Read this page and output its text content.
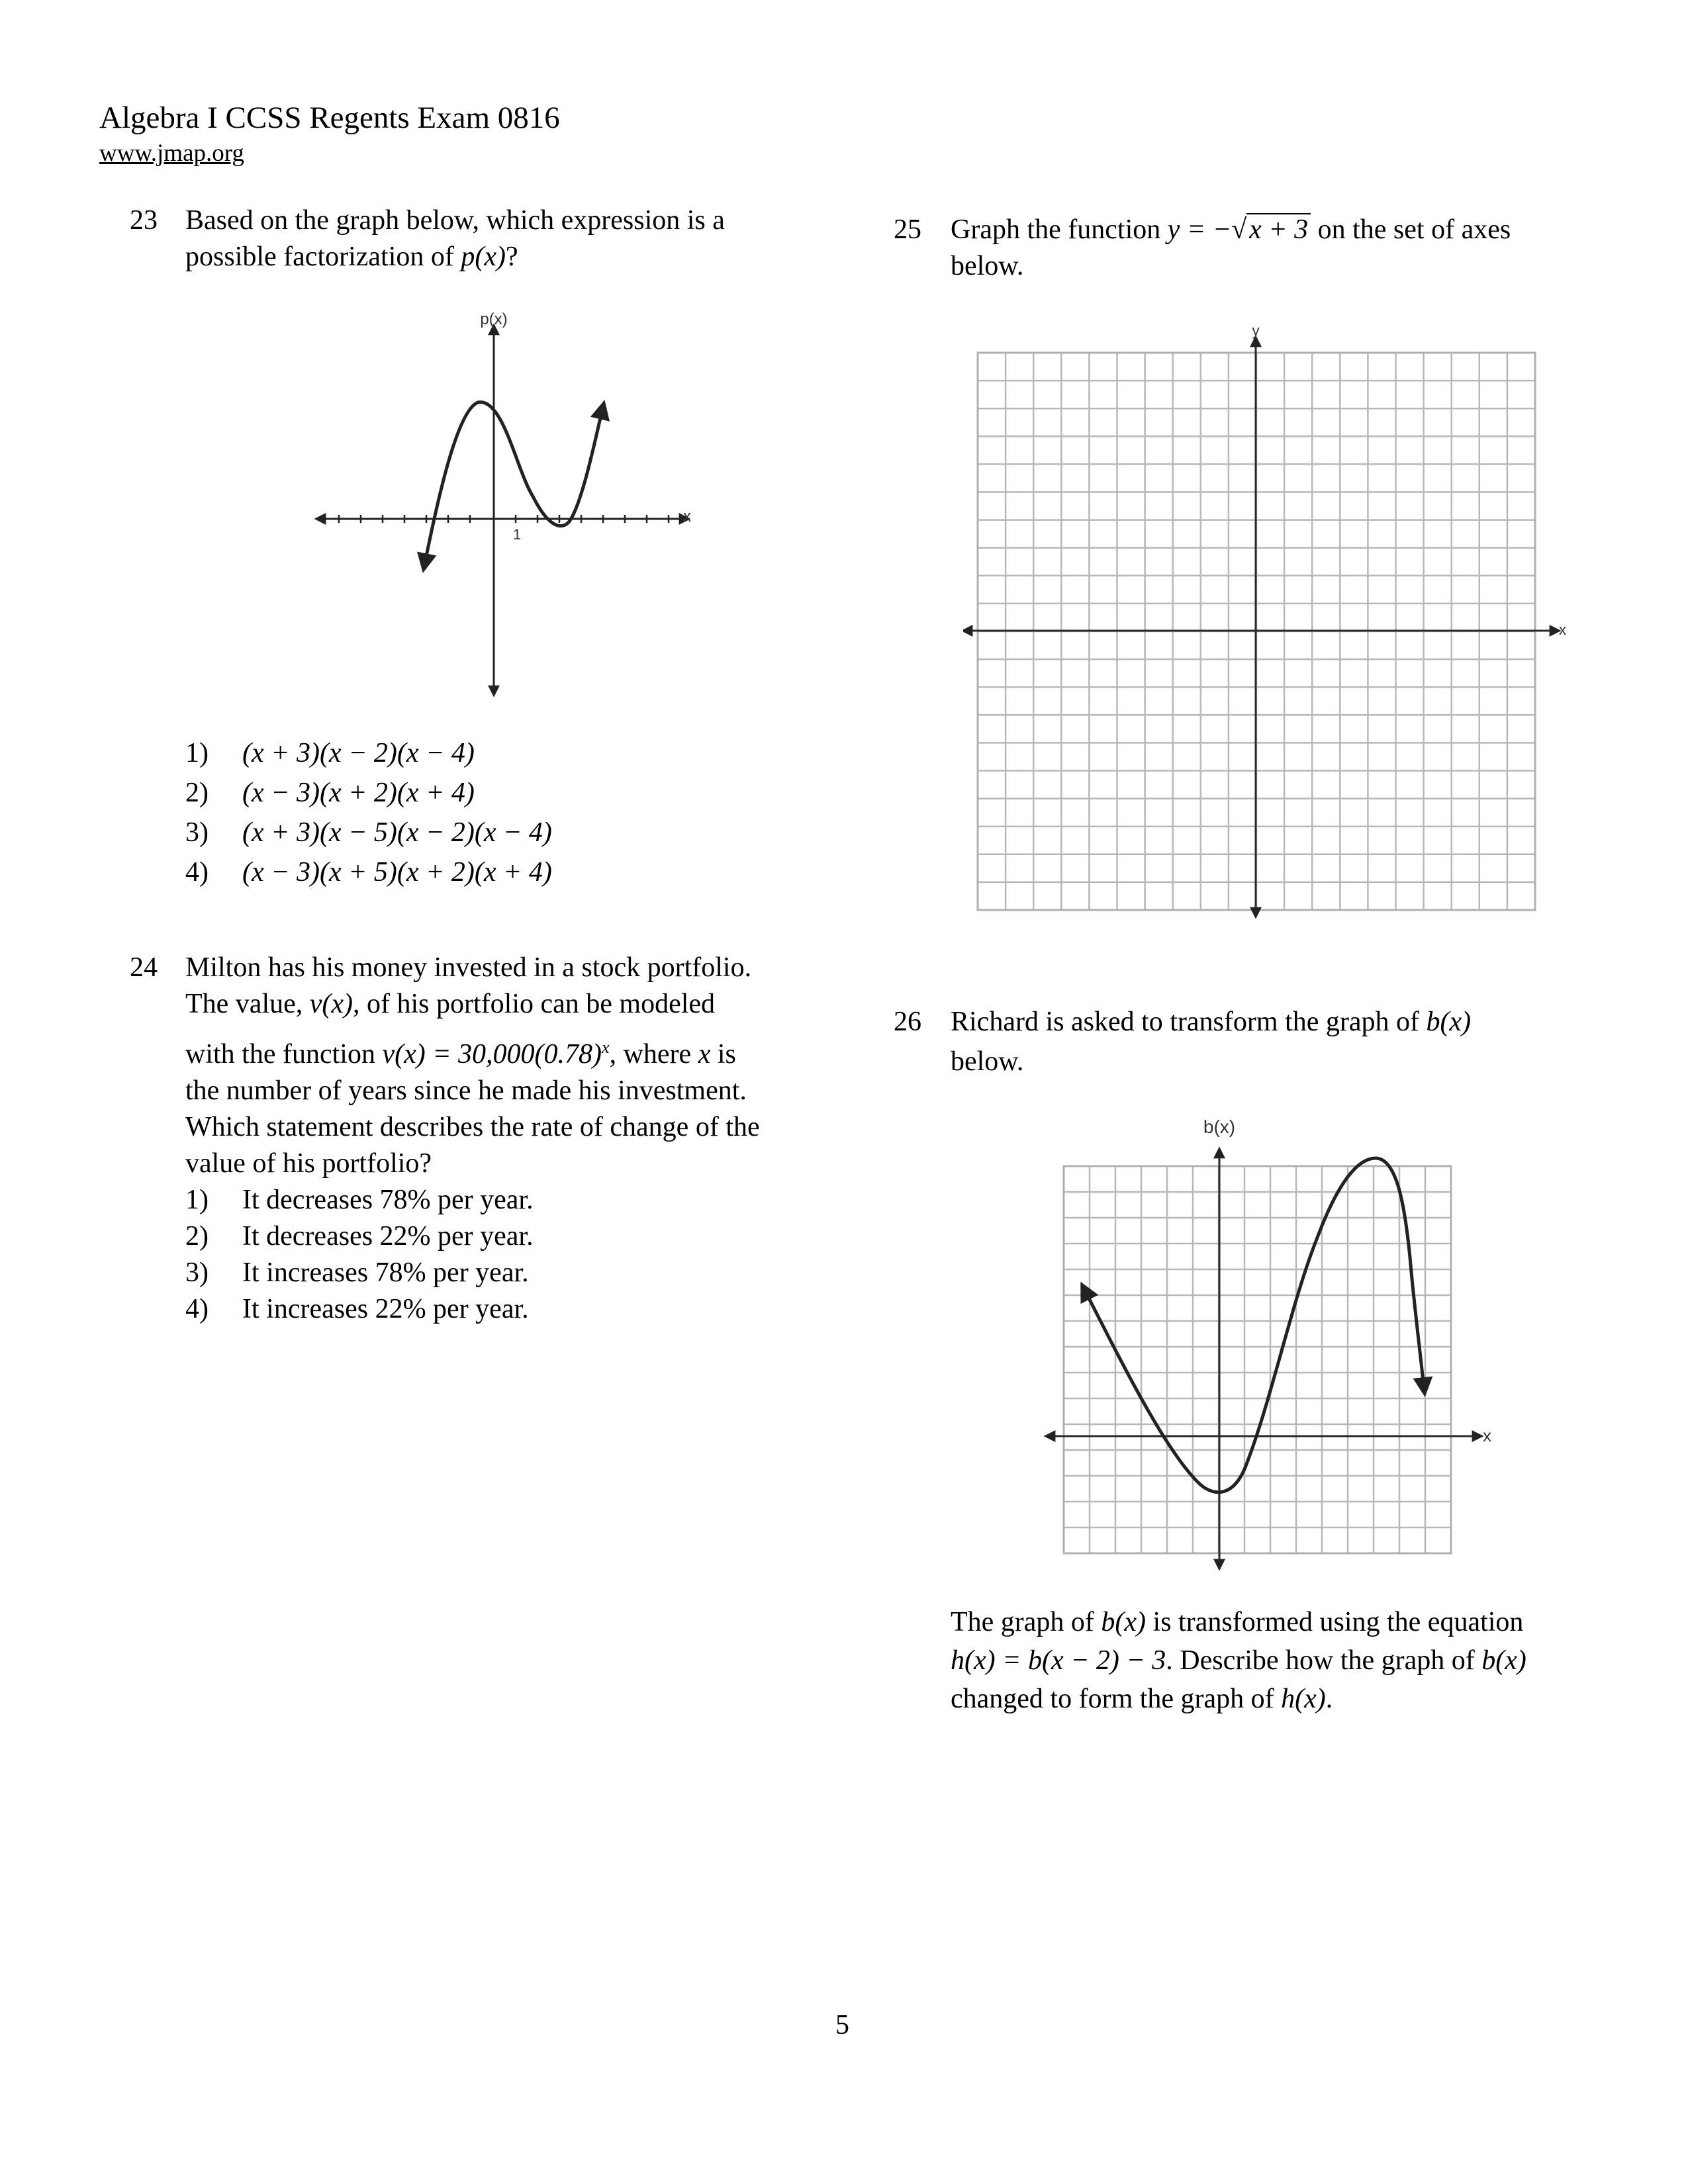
Algebra I CCSS Regents Exam 0816
www.jmap.org
23 Based on the graph below, which expression is a
possible factorization of p(x)?
p(x)
x
1
1)	(x + 3)(x − 2)(x − 4)
2)	(x − 3)(x + 2)(x + 4)
3)	(x + 3)(x − 5)(x − 2)(x − 4)
4)	(x − 3)(x + 5)(x + 2)(x + 4)
24 Milton has his money invested in a stock portfolio.
The value, v(x), of his portfolio can be modeled
with the function $v(x) = 30,000(0.78)^x$, where x is
the number of years since he made his investment.
Which statement describes the rate of change of the
value of his portfolio?
1)	It decreases 78% per year.
2)	It decreases 22% per year.
3)	It increases 78% per year.
4)	It increases 22% per year.
25 Graph the function y = −√x + 3 on the set of axes
below.
y
x
26 Richard is asked to transform the graph of b(x)
below.
b(x)
x
The graph of b(x) is transformed using the equation
h(x) = b(x − 2) − 3. Describe how the graph of b(x)
changed to form the graph of h(x).
5
